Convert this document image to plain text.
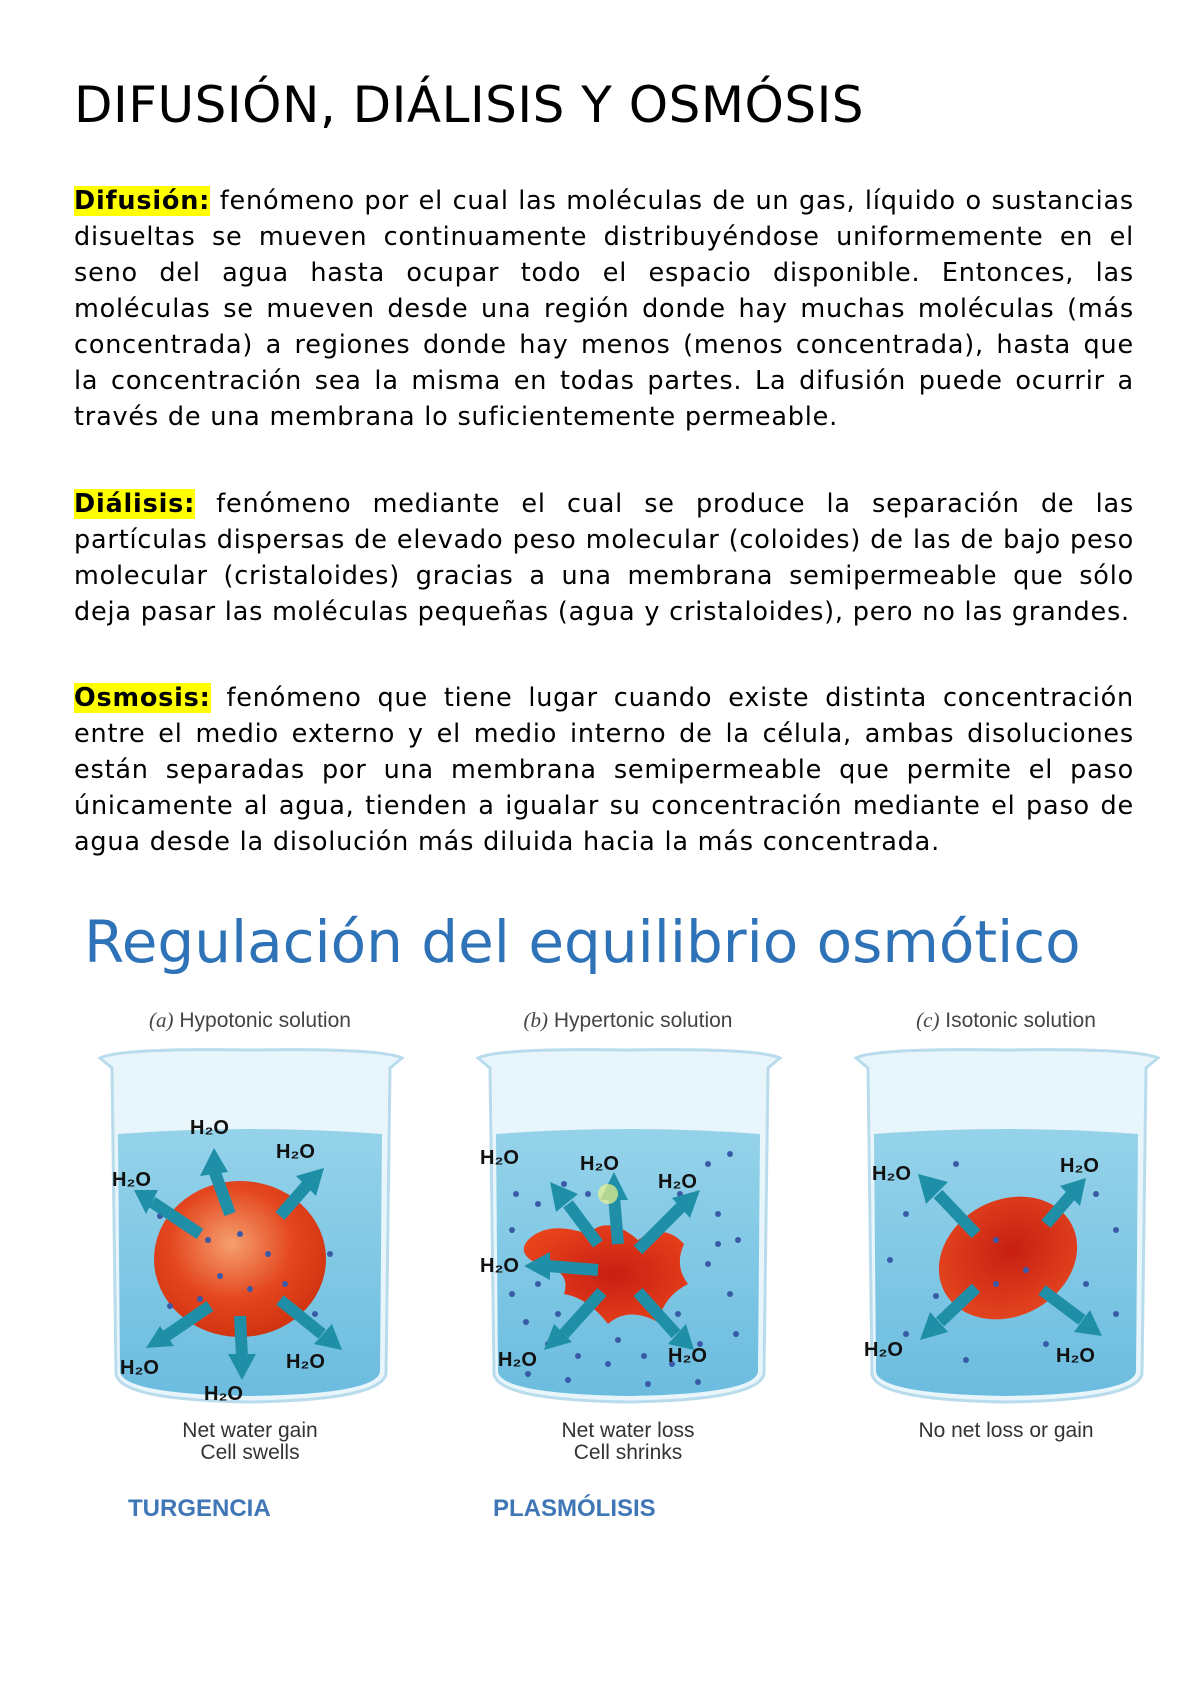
DIFUSIÓN, DIÁLISIS Y OSMÓSIS
Difusión: fenómeno por el cual las moléculas de un gas, líquido o sustancias disueltas se mueven continuamente distribuyéndose uniformemente en el seno del agua hasta ocupar todo el espacio disponible. Entonces, las moléculas se mueven desde una región donde hay muchas moléculas (más concentrada) a regiones donde hay menos (menos concentrada), hasta que la concentración sea la misma en todas partes. La difusión puede ocurrir a través de una membrana lo suficientemente permeable.
Diálisis: fenómeno mediante el cual se produce la separación de las partículas dispersas de elevado peso molecular (coloides) de las de bajo peso molecular (cristaloides) gracias a una membrana semipermeable que sólo deja pasar las moléculas pequeñas (agua y cristaloides), pero no las grandes.
Osmosis: fenómeno que tiene lugar cuando existe distinta concentración entre el medio externo y el medio interno de la célula, ambas disoluciones están separadas por una membrana semipermeable que permite el paso únicamente al agua, tienden a igualar su concentración mediante el paso de agua desde la disolución más diluida hacia la más concentrada.
Regulación del equilibrio osmótico
(a) Hypotonic solution
H₂O
H₂O
H₂O
H₂O	H₂O
H₂O
(b) Hypertonic solution
H₂O	H₂O
H₂O
H₂O
H₂O	H₂O
(c) Isotonic solution
H₂O	H₂O
H₂O	H₂O
Net water gain
Cell swells
Net water loss
Cell shrinks
No net loss or gain
TURGENCIA	PLASMÓLISIS
